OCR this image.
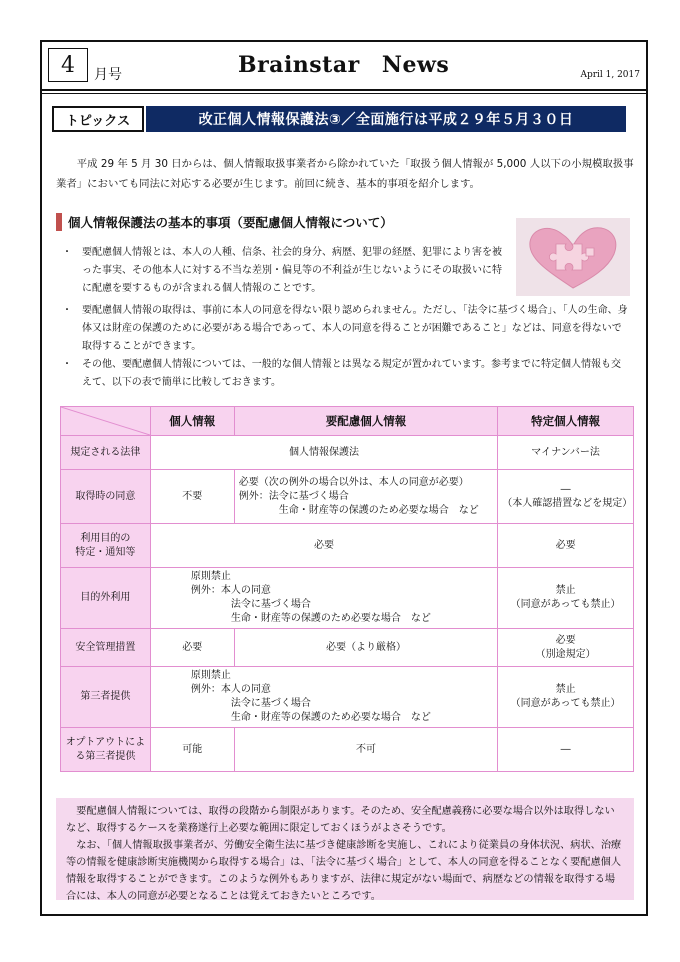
4 月号	Brainstar News	April 1, 2017
トピックス	改正個人情報保護法③／全面施行は平成２９年５月３０日
平成 29 年 5 月 30 日からは、個人情報取扱事業者から除かれていた「取扱う個人情報が 5,000 人以下の小規模取扱事業者」においても同法に対応する必要が生じます。前回に続き、基本的事項を紹介します。
個人情報保護法の基本的事項（要配慮個人情報について）
・ 要配慮個人情報とは、本人の人種、信条、社会的身分、病歴、犯罪の経歴、犯罪により害を被った事実、その他本人に対する不当な差別・偏見等の不利益が生じないようにその取扱いに特に配慮を要するものが含まれる個人情報のことです。
・ 要配慮個人情報の取得は、事前に本人の同意を得ない限り認められません。ただし、「法令に基づく場合」、「人の生命、身体又は財産の保護のために必要がある場合であって、本人の同意を得ることが困難であること」などは、同意を得ないで取得することができます。
・ その他、要配慮個人情報については、一般的な個人情報とは異なる規定が置かれています。参考までに特定個人情報も交えて、以下の表で簡単に比較しておきます。
	個人情報	要配慮個人情報	特定個人情報
規定される法律	個人情報保護法		マイナンバー法
取得時の同意	不要	必要（次の例外の場合以外は、本人の同意が必要）
例外：法令に基づく場合
　　　　生命・財産等の保護のため必要な場合　など	―
（本人確認措置などを規定）
利用目的の
特定・通知等	必要		必要
目的外利用	原則禁止
例外：本人の同意
　　　　法令に基づく場合
　　　　生命・財産等の保護のため必要な場合　など		禁止
（同意があっても禁止）
安全管理措置	必要	必要（より厳格）	必要
（別途規定）
第三者提供	原則禁止
例外：本人の同意
　　　　法令に基づく場合
　　　　生命・財産等の保護のため必要な場合　など		禁止
（同意があっても禁止）
オプトアウトによる第三者提供	可能	不可	―

要配慮個人情報については、取得の段階から制限があります。そのため、安全配慮義務に必要な場合以外は取得しないなど、取得するケースを業務遂行上必要な範囲に限定しておくほうがよさそうです。

なお、「個人情報取扱事業者が、労働安全衛生法に基づき健康診断を実施し、これにより従業員の身体状況、病状、治療等の情報を健康診断実施機関から取得する場合」は、「法令に基づく場合」として、本人の同意を得ることなく要配慮個人情報を取得することができます。このような例外もありますが、法律に規定がない場面で、病歴などの情報を取得する場合には、本人の同意が必要となることは覚えておきたいところです。
